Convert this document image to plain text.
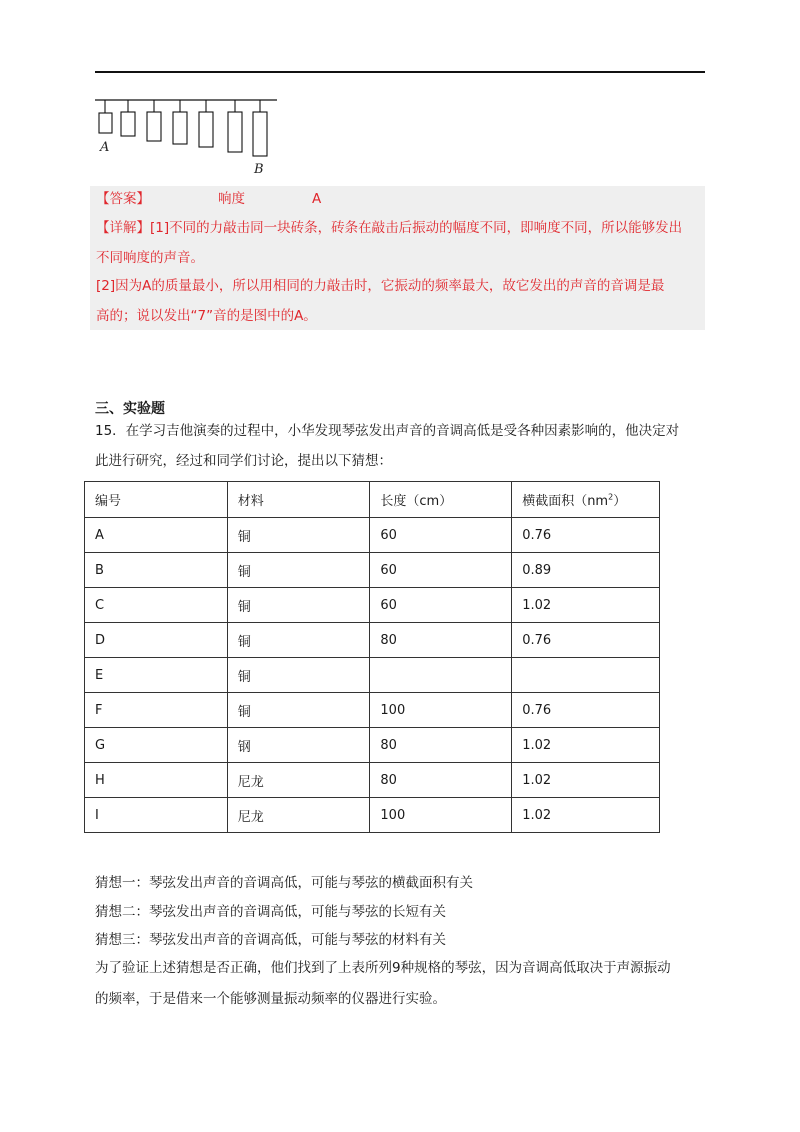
A
B
【答案】	响度	A
【详解】[1]不同的力敲击同一块砖条，砖条在敲击后振动的幅度不同，即响度不同，所以能够发出
不同响度的声音。
[2]因为A的质量最小，所以用相同的力敲击时，它振动的频率最大，故它发出的声音的音调是最
高的；说以发出“7”音的是图中的A。
三、实验题
15．在学习吉他演奏的过程中，小华发现琴弦发出声音的音调高低是受各种因素影响的，他决定对
此进行研究，经过和同学们讨论，提出以下猜想：
编号	材料	长度（cm）	横截面积$(nm^2)$
A	铜	60	0.76
B	铜	60	0.89
C	铜	60	1.02
D	铜	80	0.76
E	铜		
F	铜	100	0.76
G	钢	80	1.02
H	尼龙	80	1.02
I	尼龙	100	1.02
猜想一：琴弦发出声音的音调高低，可能与琴弦的横截面积有关
猜想二：琴弦发出声音的音调高低，可能与琴弦的长短有关
猜想三：琴弦发出声音的音调高低，可能与琴弦的材料有关
为了验证上述猜想是否正确，他们找到了上表所列9种规格的琴弦，因为音调高低取决于声源振动
的频率，于是借来一个能够测量振动频率的仪器进行实验。
